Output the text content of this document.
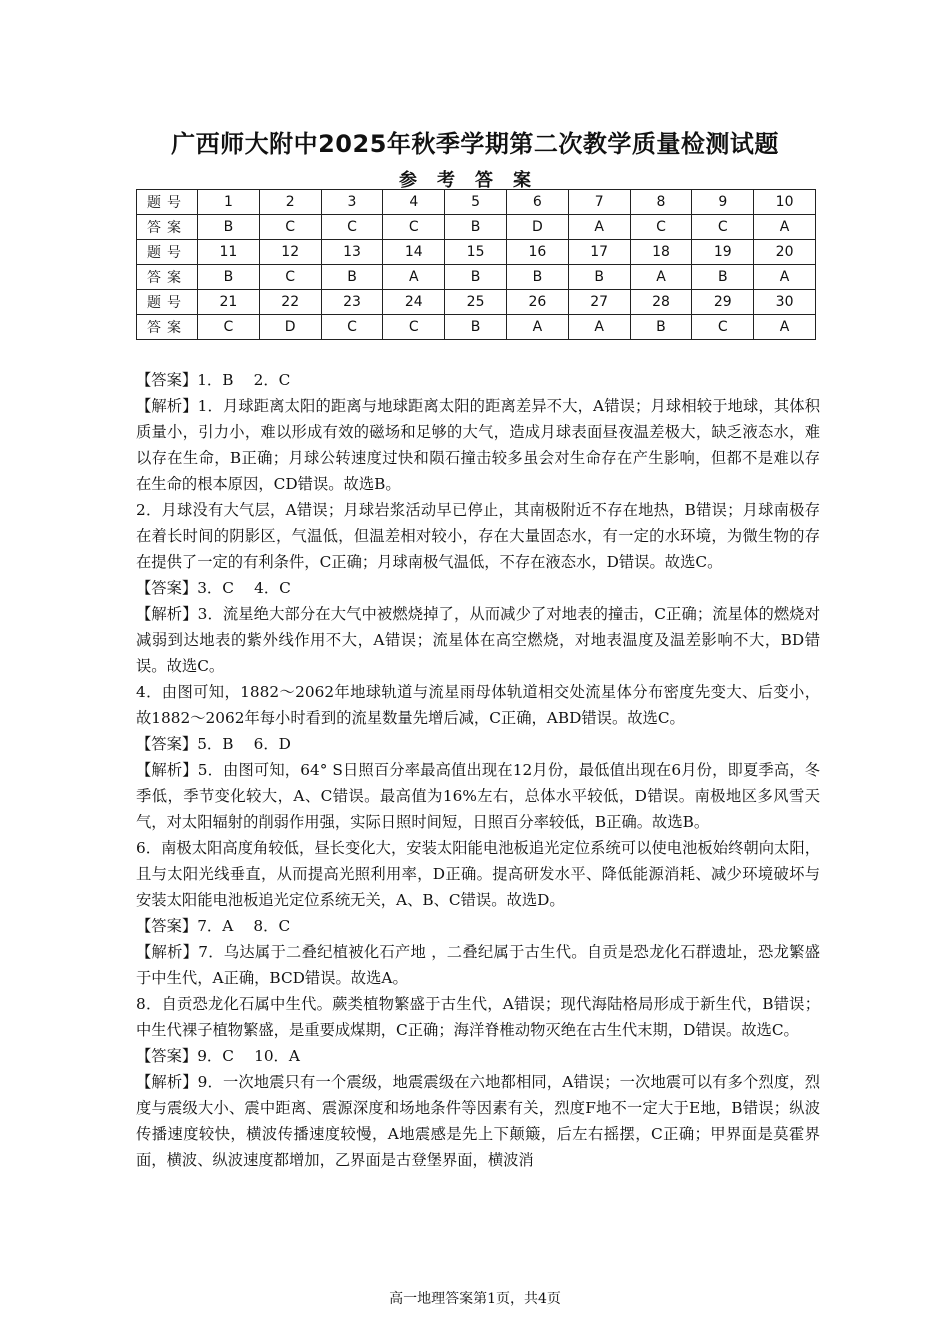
广西师大附中2025年秋季学期第二次教学质量检测试题
参考答案
题号	1	2	3	4	5	6	7	8	9	10
答案	B	C	C	C	B	D	A	C	C	A
题号	11	12	13	14	15	16	17	18	19	20
答案	B	C	B	A	B	B	B	A	B	A
题号	21	22	23	24	25	26	27	28	29	30
答案	C	D	C	C	B	A	A	B	C	A

【答案】1．B　 2．C

【解析】1．月球距离太阳的距离与地球距离太阳的距离差异不大，A错误；月球相较于地球，其体积质量小，引力小，难以形成有效的磁场和足够的大气，造成月球表面昼夜温差极大，缺乏液态水，难以存在生命，B正确；月球公转速度过快和陨石撞击较多虽会对生命存在产生影响，但都不是难以存在生命的根本原因，CD错误。故选B。

2．月球没有大气层，A错误；月球岩浆活动早已停止，其南极附近不存在地热，B错误；月球南极存在着长时间的阴影区，气温低，但温差相对较小，存在大量固态水，有一定的水环境，为微生物的存在提供了一定的有利条件，C正确；月球南极气温低，不存在液态水，D错误。故选C。

【答案】3．C　 4．C

【解析】3．流星绝大部分在大气中被燃烧掉了，从而减少了对地表的撞击，C正确；流星体的燃烧对减弱到达地表的紫外线作用不大，A错误；流星体在高空燃烧，对地表温度及温差影响不大，BD错误。故选C。

4．由图可知，1882～2062年地球轨道与流星雨母体轨道相交处流星体分布密度先变大、后变小，故1882～2062年每小时看到的流星数量先增后减，C正确，ABD错误。故选C。

【答案】5．B　 6．D

【解析】5．由图可知，64° S日照百分率最高值出现在12月份，最低值出现在6月份，即夏季高，冬季低，季节变化较大，A、C错误。最高值为16%左右，总体水平较低，D错误。南极地区多风雪天气，对太阳辐射的削弱作用强，实际日照时间短，日照百分率较低，B正确。故选B。

6．南极太阳高度角较低，昼长变化大，安装太阳能电池板追光定位系统可以使电池板始终朝向太阳，且与太阳光线垂直，从而提高光照利用率，D正确。提高研发水平、降低能源消耗、减少环境破坏与安装太阳能电池板追光定位系统无关，A、B、C错误。故选D。

【答案】7．A　 8．C

【解析】7．乌达属于二叠纪植被化石产地 ，二叠纪属于古生代。自贡是恐龙化石群遗址，恐龙繁盛于中生代，A正确，BCD错误。故选A。

8．自贡恐龙化石属中生代。蕨类植物繁盛于古生代，A错误；现代海陆格局形成于新生代，B错误；中生代裸子植物繁盛，是重要成煤期，C正确；海洋脊椎动物灭绝在古生代末期，D错误。故选C。

【答案】9．C　 10．A

【解析】9．一次地震只有一个震级，地震震级在六地都相同，A错误；一次地震可以有多个烈度，烈度与震级大小、震中距离、震源深度和场地条件等因素有关，烈度F地不一定大于E地，B错误；纵波传播速度较快，横波传播速度较慢，A地震感是先上下颠簸，后左右摇摆，C正确；甲界面是莫霍界面，横波、纵波速度都增加，乙界面是古登堡界面，横波消

高一地理答案第1页，共4页
